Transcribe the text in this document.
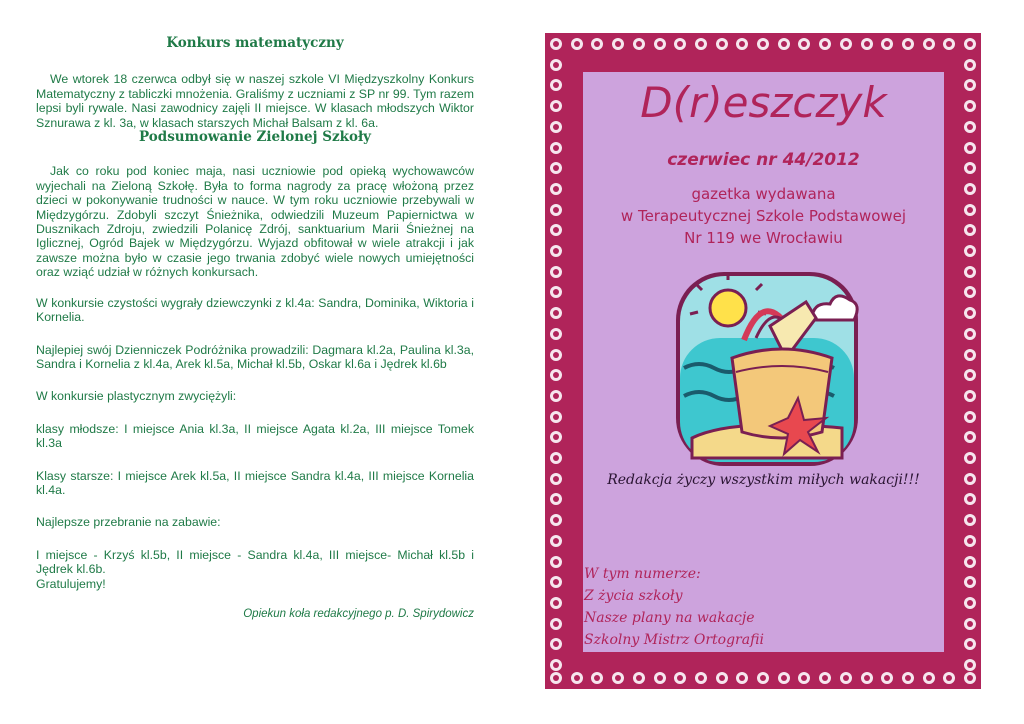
Konkurs matematyczny

We wtorek 18 czerwca odbył się w naszej szkole VI Międzyszkolny Konkurs Matematyczny z tabliczki mnożenia. Graliśmy z uczniami z SP nr 99. Tym razem lepsi byli rywale. Nasi zawodnicy zajęli II miejsce. W klasach młodszych Wiktor Sznurawa z kl. 3a, w klasach starszych Michał Balsam z kl. 6a.

Podsumowanie Zielonej Szkoły

Jak co roku pod koniec maja, nasi uczniowie pod opieką wychowawców wyjechali na Zieloną Szkołę. Była to forma nagrody za pracę włożoną przez dzieci w pokonywanie trudności w nauce. W tym roku uczniowie przebywali w Międzygórzu. Zdobyli szczyt Śnieżnika, odwiedzili Muzeum Papiernictwa w Dusznikach Zdroju, zwiedzili Polanicę Zdrój, sanktuarium Marii Śnieżnej na Iglicznej, Ogród Bajek w Międzygórzu. Wyjazd obfitował w wiele atrakcji i jak zawsze można było w czasie jego trwania zdobyć wiele nowych umiejętności oraz wziąć udział w różnych konkursach.

W konkursie czystości wygrały dziewczynki z kl.4a: Sandra, Dominika, Wiktoria i Kornelia.

Najlepiej swój Dzienniczek Podróżnika prowadzili: Dagmara kl.2a, Paulina kl.3a, Sandra i Kornelia z kl.4a, Arek kl.5a, Michał kl.5b, Oskar kl.6a i Jędrek kl.6b

W konkursie plastycznym zwyciężyli:

klasy młodsze: I miejsce Ania kl.3a, II miejsce Agata kl.2a, III miejsce Tomek kl.3a

Klasy starsze: I miejsce Arek kl.5a, II miejsce Sandra kl.4a, III miejsce Kornelia kl.4a.

Najlepsze przebranie na zabawie:

I miejsce - Krzyś kl.5b, II miejsce - Sandra kl.4a, III miejsce- Michał kl.5b i Jędrek kl.6b.

Gratulujemy!

Opiekun koła redakcyjnego p. D. Spirydowicz

D(r)eszczyk
czerwiec nr 44/2012
gazetka wydawana
w Terapeutycznej Szkole Podstawowej
Nr 119 we Wrocławiu
Redakcja życzy wszystkim miłych wakacji!!!
W tym numerze:
Z życia szkoły
Nasze plany na wakacje
Szkolny Mistrz Ortografii
